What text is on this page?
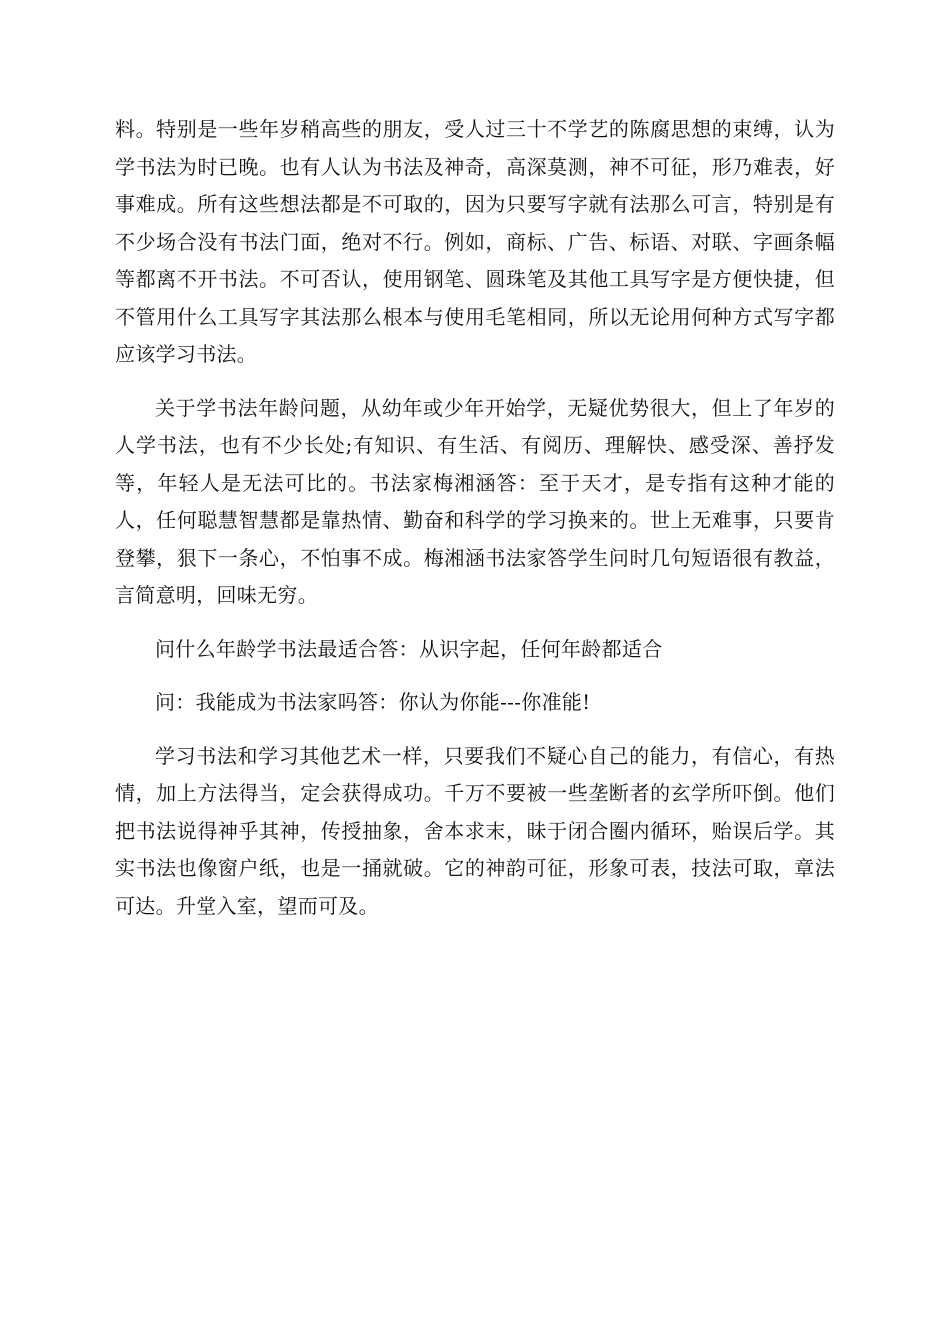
料。特别是一些年岁稍高些的朋友，受人过三十不学艺的陈腐思想的束缚，认为学书法为时已晚。也有人认为书法及神奇，高深莫测，神不可征，形乃难表，好事难成。所有这些想法都是不可取的，因为只要写字就有法那么可言，特别是有不少场合没有书法门面，绝对不行。例如，商标、广告、标语、对联、字画条幅等都离不开书法。不可否认，使用钢笔、圆珠笔及其他工具写字是方便快捷，但不管用什么工具写字其法那么根本与使用毛笔相同，所以无论用何种方式写字都应该学习书法。

关于学书法年龄问题，从幼年或少年开始学，无疑优势很大，但上了年岁的人学书法，也有不少长处;有知识、有生活、有阅历、理解快、感受深、善抒发等，年轻人是无法可比的。书法家梅湘涵答：至于天才，是专指有这种才能的人，任何聪慧智慧都是靠热情、勤奋和科学的学习换来的。世上无难事，只要肯登攀，狠下一条心，不怕事不成。梅湘涵书法家答学生问时几句短语很有教益，言简意明，回味无穷。

问什么年龄学书法最适合答：从识字起，任何年龄都适合

问：我能成为书法家吗答：你认为你能---你准能!

学习书法和学习其他艺术一样，只要我们不疑心自己的能力，有信心，有热情，加上方法得当，定会获得成功。千万不要被一些垄断者的玄学所吓倒。他们把书法说得神乎其神，传授抽象，舍本求末，昧于闭合圈内循环，贻误后学。其实书法也像窗户纸，也是一捅就破。它的神韵可征，形象可表，技法可取，章法可达。升堂入室，望而可及。
